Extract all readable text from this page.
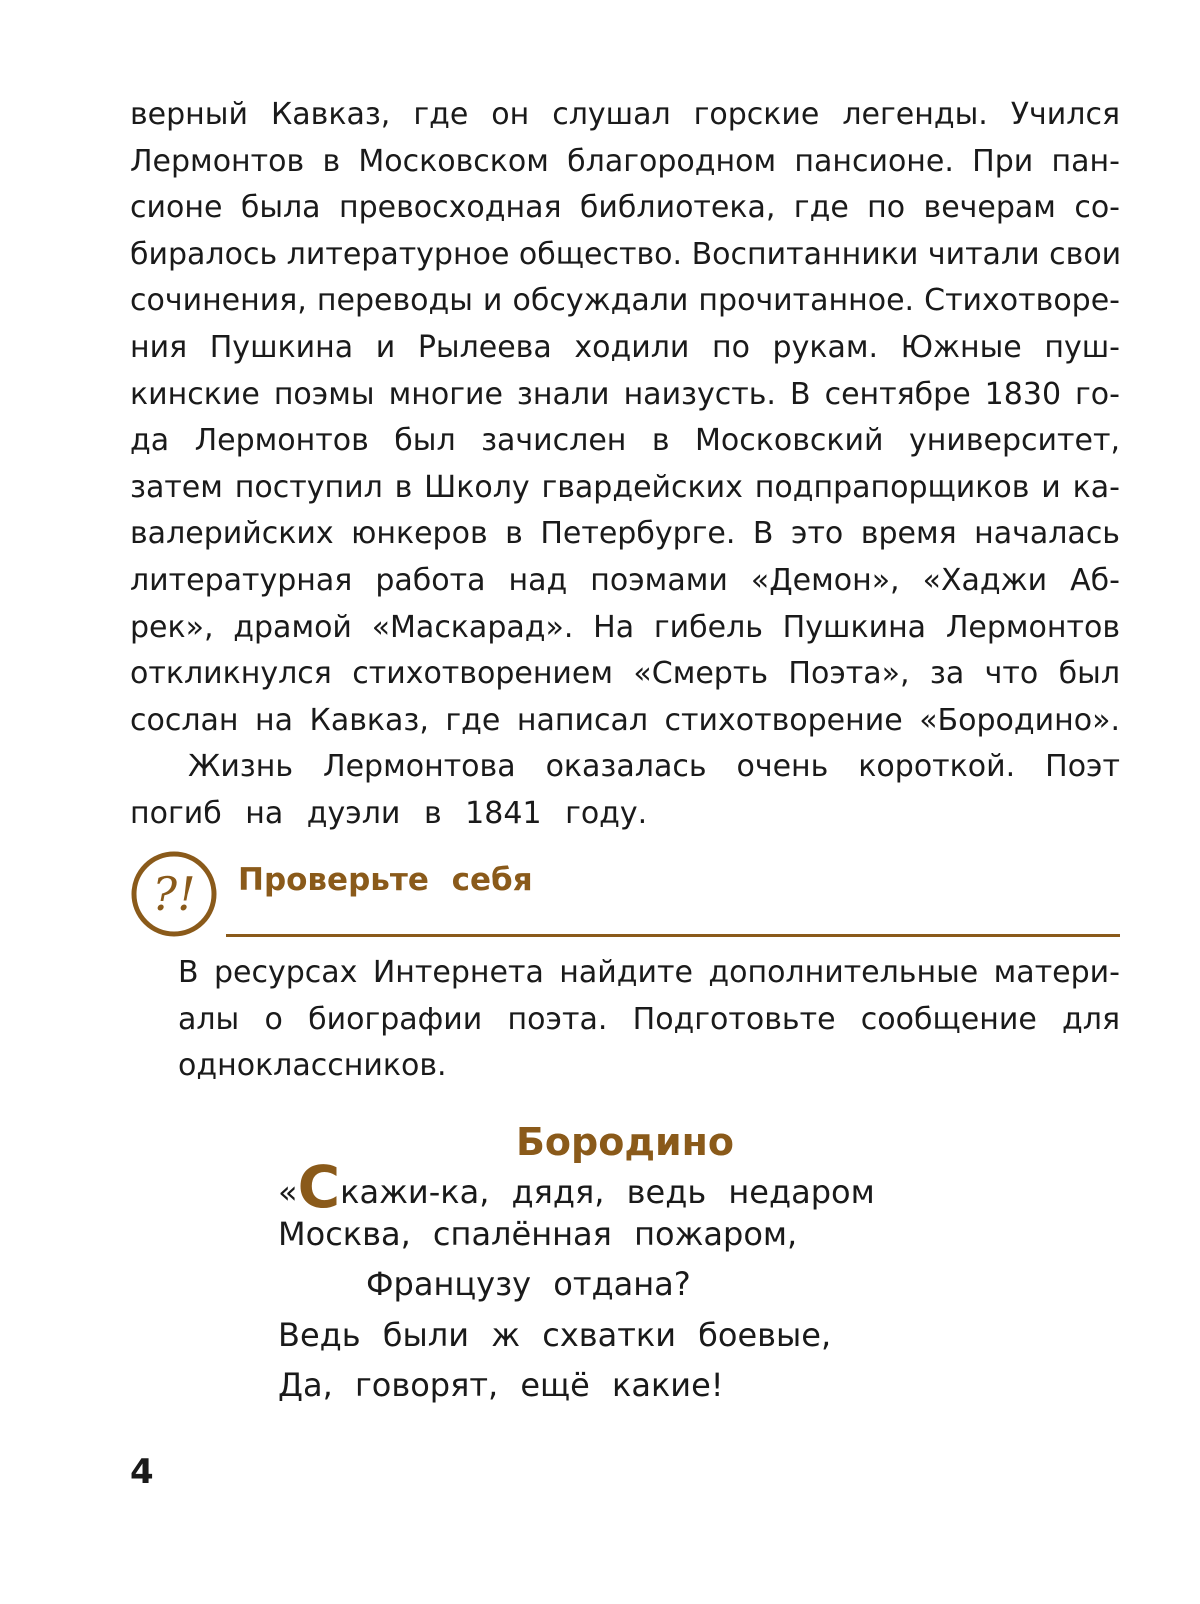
верный Кавказ, где он слушал горские легенды. Учился
Лермонтов в Московском благородном пансионе. При пан-
сионе была превосходная библиотека, где по вечерам со-
биралось литературное общество. Воспитанники читали свои
сочинения, переводы и обсуждали прочитанное. Стихотворе-
ния Пушкина и Рылеева ходили по рукам. Южные пуш-
кинские поэмы многие знали наизусть. В сентябре 1830 го-
да Лермонтов был зачислен в Московский университет,
затем поступил в Школу гвардейских подпрапорщиков и ка-
валерийских юнкеров в Петербурге. В это время началась
литературная работа над поэмами «Демон», «Хаджи Аб-
рек», драмой «Маскарад». На гибель Пушкина Лермонтов
откликнулся стихотворением «Смерть Поэта», за что был
сослан на Кавказ, где написал стихотворение «Бородино».
Жизнь Лермонтова оказалась очень короткой. Поэт
погиб на дуэли в 1841 году.
?! Проверьте себя
В ресурсах Интернета найдите дополнительные матери-
алы о биографии поэта. Подготовьте сообщение для
одноклассников.
Бородино
«Скажи-ка, дядя, ведь недаром
Москва, спалённая пожаром,
Французу отдана?
Ведь были ж схватки боевые,
Да, говорят, ещё какие!
4
